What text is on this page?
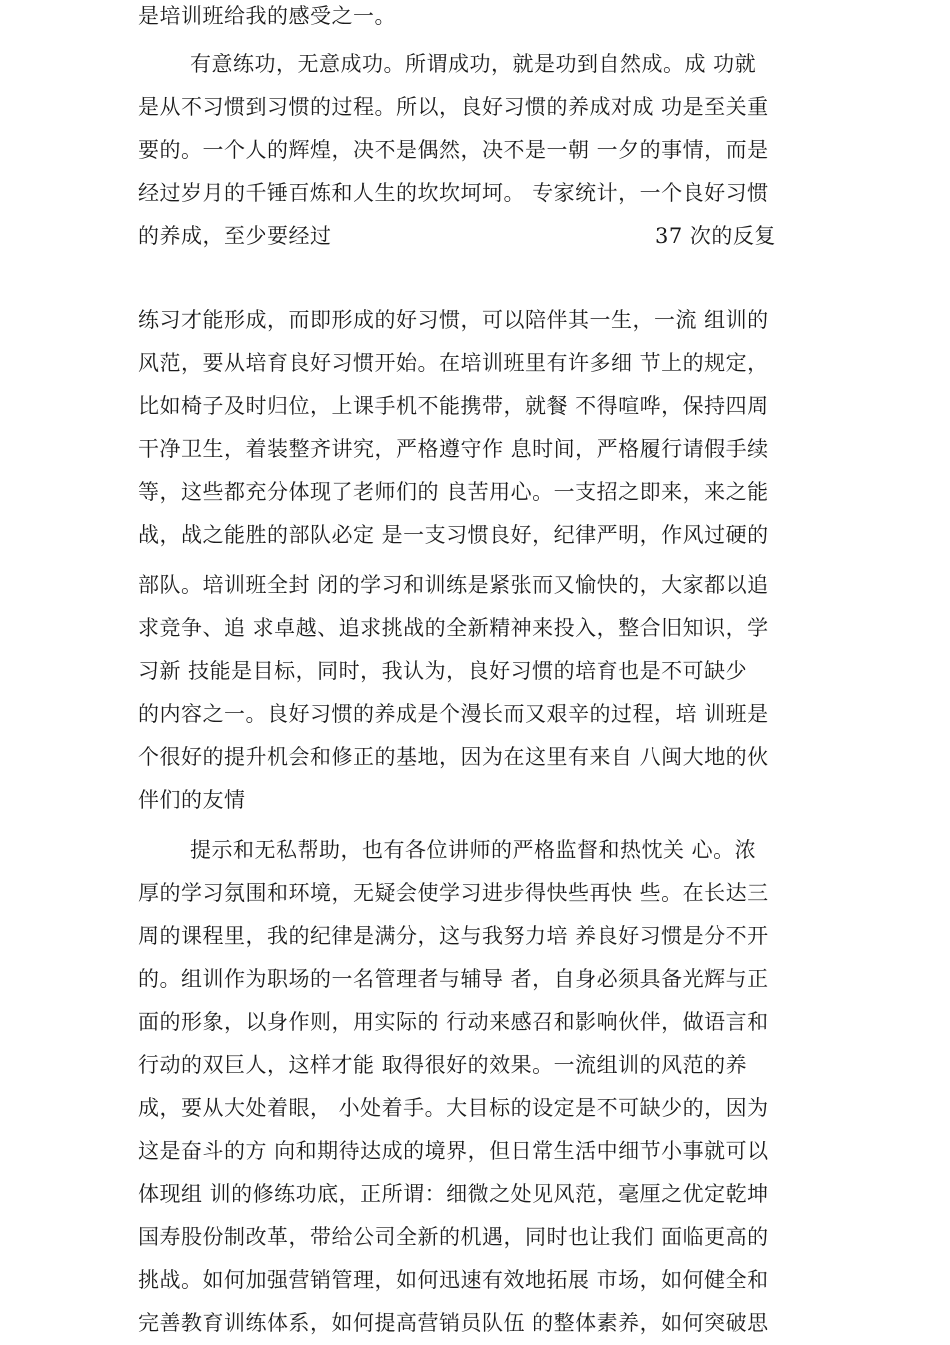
是培训班给我的感受之一。
有意练功，无意成功。所谓成功，就是功到自然成。成 功就
是从不习惯到习惯的过程。所以，良好习惯的养成对成 功是至关重
要的。一个人的辉煌，决不是偶然，决不是一朝 一夕的事情，而是
经过岁月的千锤百炼和人生的坎坎坷坷。 专家统计，一个良好习惯
的养成，至少要经过	37 次的反复
练习才能形成，而即形成的好习惯，可以陪伴其一生，一流 组训的
风范，要从培育良好习惯开始。在培训班里有许多细 节上的规定，
比如椅子及时归位，上课手机不能携带，就餐 不得喧哗，保持四周
干净卫生，着装整齐讲究，严格遵守作 息时间，严格履行请假手续
等，这些都充分体现了老师们的 良苦用心。一支招之即来，来之能
战，战之能胜的部队必定 是一支习惯良好，纪律严明，作风过硬的
部队。培训班全封 闭的学习和训练是紧张而又愉快的，大家都以追
求竞争、追 求卓越、追求挑战的全新精神来投入，整合旧知识，学
习新 技能是目标，同时，我认为，良好习惯的培育也是不可缺少
的内容之一。良好习惯的养成是个漫长而又艰辛的过程，培 训班是
个很好的提升机会和修正的基地，因为在这里有来自 八闽大地的伙
伴们的友情
提示和无私帮助，也有各位讲师的严格监督和热忱关 心。浓
厚的学习氛围和环境，无疑会使学习进步得快些再快 些。在长达三
周的课程里，我的纪律是满分，这与我努力培 养良好习惯是分不开
的。组训作为职场的一名管理者与辅导 者，自身必须具备光辉与正
面的形象，以身作则，用实际的 行动来感召和影响伙伴，做语言和
行动的双巨人，这样才能 取得很好的效果。一流组训的风范的养
成，要从大处着眼， 小处着手。大目标的设定是不可缺少的，因为
这是奋斗的方 向和期待达成的境界，但日常生活中细节小事就可以
体现组 训的修练功底，正所谓：细微之处见风范，毫厘之优定乾坤
国寿股份制改革，带给公司全新的机遇，同时也让我们 面临更高的
挑战。如何加强营销管理，如何迅速有效地拓展 市场，如何健全和
完善教育训练体系，如何提高营销员队伍 的整体素养，如何突破思
